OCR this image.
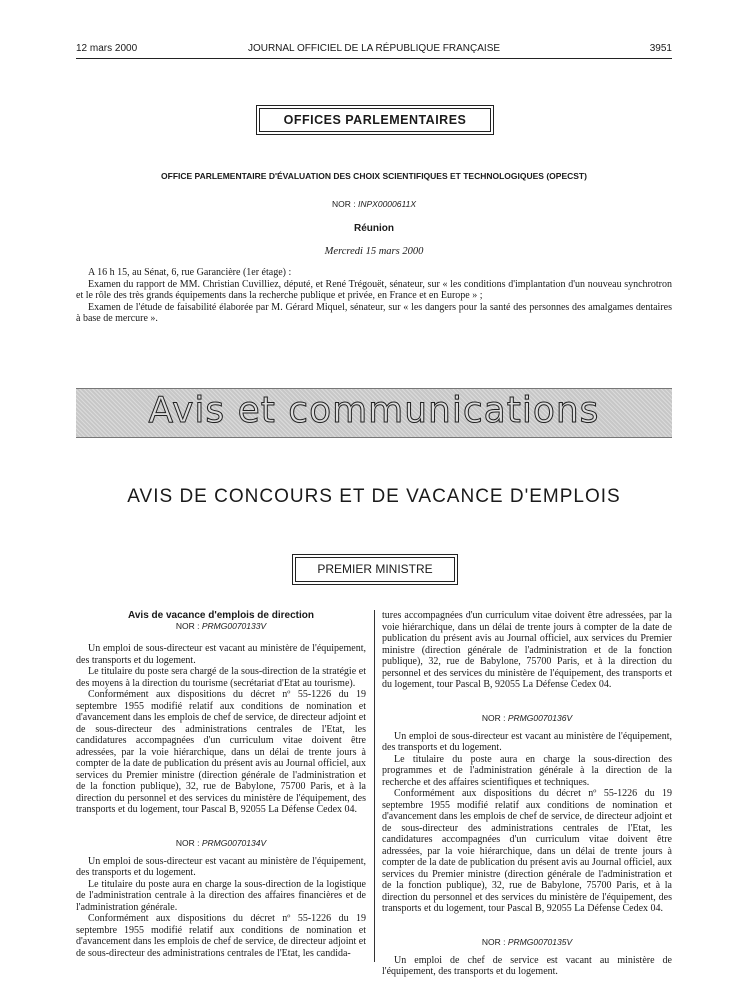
12 mars 2000	JOURNAL OFFICIEL DE LA RÉPUBLIQUE FRANÇAISE	3951
OFFICES PARLEMENTAIRES
OFFICE PARLEMENTAIRE D'ÉVALUATION DES CHOIX SCIENTIFIQUES ET TECHNOLOGIQUES (OPECST)
NOR : INPX0000611X
Réunion
Mercredi 15 mars 2000

A 16 h 15, au Sénat, 6, rue Garancière (1er étage) :

Examen du rapport de MM. Christian Cuvilliez, député, et René Trégouët, sénateur, sur « les conditions d'implantation d'un nouveau synchrotron et le rôle des très grands équipements dans la recherche publique et privée, en France et en Europe » ;

Examen de l'étude de faisabilité élaborée par M. Gérard Miquel, sénateur, sur « les dangers pour la santé des personnes des amalgames dentaires à base de mercure ».

Avis et communications
AVIS DE CONCOURS ET DE VACANCE D'EMPLOIS
PREMIER MINISTRE

Avis de vacance d'emplois de direction

NOR : PRMG0070133V

Un emploi de sous-directeur est vacant au ministère de l'équipement, des transports et du logement.

Le titulaire du poste sera chargé de la sous-direction de la stratégie et des moyens à la direction du tourisme (secrétariat d'Etat au tourisme).

Conformément aux dispositions du décret nº 55-1226 du 19 septembre 1955 modifié relatif aux conditions de nomination et d'avancement dans les emplois de chef de service, de directeur adjoint et de sous-directeur des administrations centrales de l'Etat, les candidatures accompagnées d'un curriculum vitae doivent être adressées, par la voie hiérarchique, dans un délai de trente jours à compter de la date de publication du présent avis au Journal officiel, aux services du Premier ministre (direction générale de l'administration et de la fonction publique), 32, rue de Babylone, 75700 Paris, et à la direction du personnel et des services du ministère de l'équipement, des transports et du logement, tour Pascal B, 92055 La Défense Cedex 04.

NOR : PRMG0070134V

Un emploi de sous-directeur est vacant au ministère de l'équipement, des transports et du logement.

Le titulaire du poste aura en charge la sous-direction de la logistique de l'administration centrale à la direction des affaires financières et de l'administration générale.

Conformément aux dispositions du décret nº 55-1226 du 19 septembre 1955 modifié relatif aux conditions de nomination et d'avancement dans les emplois de chef de service, de directeur adjoint et de sous-directeur des administrations centrales de l'Etat, les candida-

tures accompagnées d'un curriculum vitae doivent être adressées, par la voie hiérarchique, dans un délai de trente jours à compter de la date de publication du présent avis au Journal officiel, aux services du Premier ministre (direction générale de l'administration et de la fonction publique), 32, rue de Babylone, 75700 Paris, et à la direction du personnel et des services du ministère de l'équipement, des transports et du logement, tour Pascal B, 92055 La Défense Cedex 04.

NOR : PRMG0070136V

Un emploi de sous-directeur est vacant au ministère de l'équipement, des transports et du logement.

Le titulaire du poste aura en charge la sous-direction des programmes et de l'administration générale à la direction de la recherche et des affaires scientifiques et techniques.

Conformément aux dispositions du décret nº 55-1226 du 19 septembre 1955 modifié relatif aux conditions de nomination et d'avancement dans les emplois de chef de service, de directeur adjoint et de sous-directeur des administrations centrales de l'Etat, les candidatures accompagnées d'un curriculum vitae doivent être adressées, par la voie hiérarchique, dans un délai de trente jours à compter de la date de publication du présent avis au Journal officiel, aux services du Premier ministre (direction générale de l'administration et de la fonction publique), 32, rue de Babylone, 75700 Paris, et à la direction du personnel et des services du ministère de l'équipement, des transports et du logement, tour Pascal B, 92055 La Défense Cedex 04.

NOR : PRMG0070135V

Un emploi de chef de service est vacant au ministère de l'équipement, des transports et du logement.
